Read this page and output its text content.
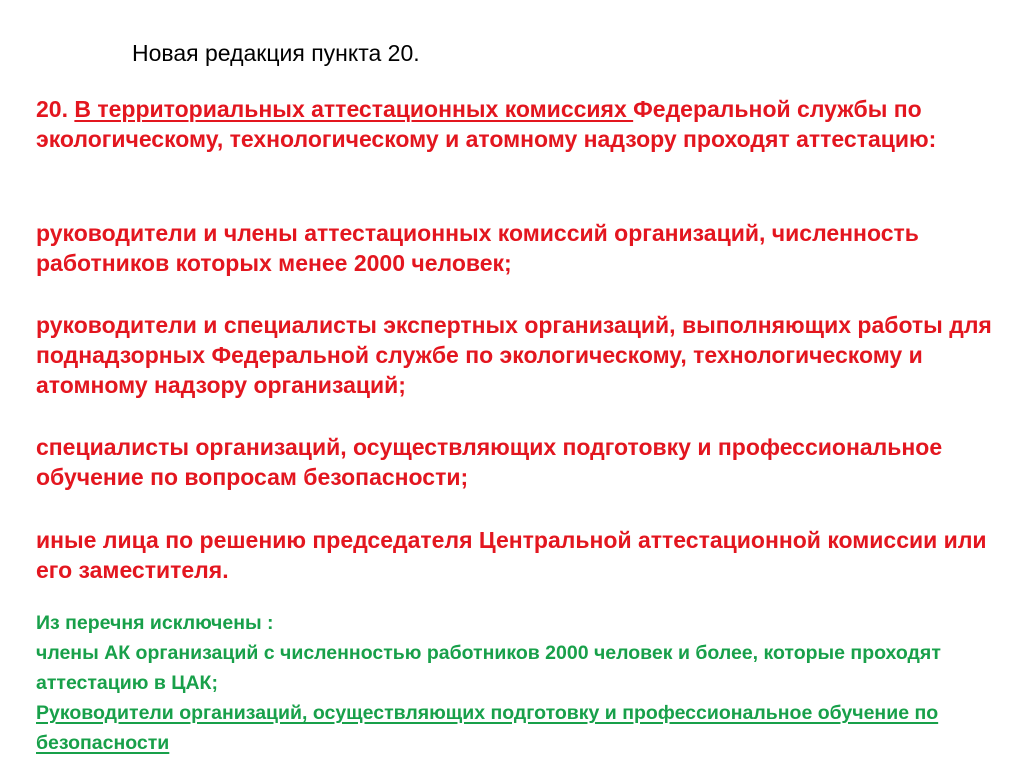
Новая редакция пункта 20.

20. В территориальных аттестационных комиссиях Федеральной службы по экологическому, технологическому и атомному надзору проходят аттестацию:

руководители и члены аттестационных комиссий организаций, численность работников которых менее 2000 человек;

руководители и специалисты экспертных организаций, выполняющих работы для поднадзорных Федеральной службе по экологическому, технологическому и атомному надзору организаций;

специалисты организаций, осуществляющих подготовку и профессиональное обучение по вопросам безопасности;

иные лица по решению председателя Центральной аттестационной комиссии или его заместителя.

Из перечня исключены :

члены АК организаций с численностью работников 2000 человек и более, которые проходят аттестацию в ЦАК;

Руководители организаций, осуществляющих подготовку и профессиональное обучение по безопасности
